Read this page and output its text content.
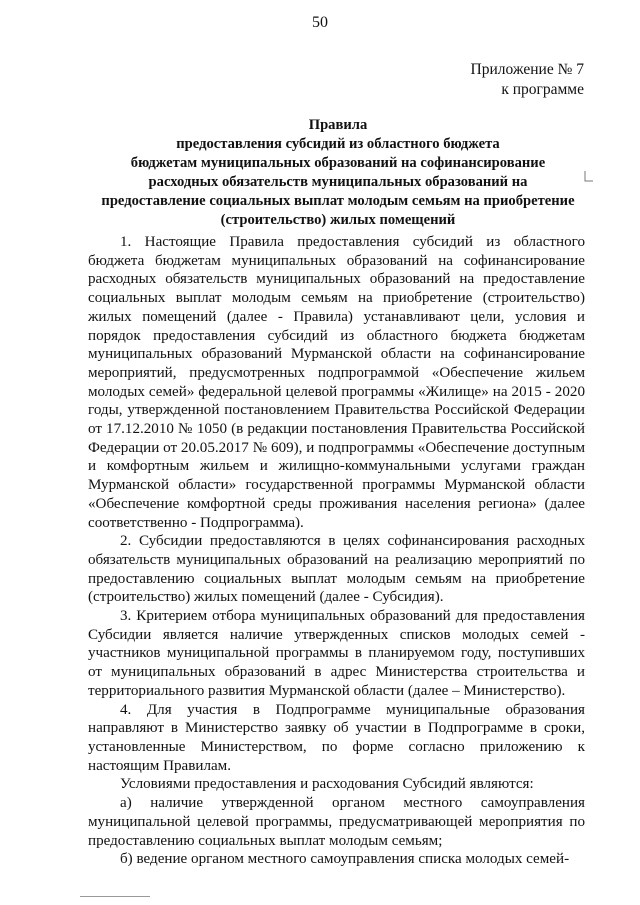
50
Приложение № 7
к программе
Правила
предоставления субсидий из областного бюджета
бюджетам муниципальных образований на софинансирование
расходных обязательств муниципальных образований на
предоставление социальных выплат молодым семьям на приобретение
(строительство) жилых помещений

1. Настоящие Правила предоставления субсидий из областного бюджета бюджетам муниципальных образований на софинансирование расходных обязательств муниципальных образований на предоставление социальных выплат молодым семьям на приобретение (строительство) жилых помещений (далее - Правила) устанавливают цели, условия и порядок предоставления субсидий из областного бюджета бюджетам муниципальных образований Мурманской области на софинансирование мероприятий, предусмотренных подпрограммой «Обеспечение жильем молодых семей» федеральной целевой программы «Жилище» на 2015 - 2020 годы, утвержденной постановлением Правительства Российской Федерации от 17.12.2010 № 1050 (в редакции постановления Правительства Российской Федерации от 20.05.2017 № 609), и подпрограммы «Обеспечение доступным и комфортным жильем и жилищно-коммунальными услугами граждан Мурманской области» государственной программы Мурманской области «Обеспечение комфортной среды проживания населения региона» (далее соответственно - Подпрограмма).

2. Субсидии предоставляются в целях софинансирования расходных обязательств муниципальных образований на реализацию мероприятий по предоставлению социальных выплат молодым семьям на приобретение (строительство) жилых помещений (далее - Субсидия).

3. Критерием отбора муниципальных образований для предоставления Субсидии является наличие утвержденных списков молодых семей - участников муниципальной программы в планируемом году, поступивших от муниципальных образований в адрес Министерства строительства и территориального развития Мурманской области (далее – Министерство).

4. Для участия в Подпрограмме муниципальные образования направляют в Министерство заявку об участии в Подпрограмме в сроки, установленные Министерством, по форме согласно приложению к настоящим Правилам.

Условиями предоставления и расходования Субсидий являются:

а) наличие утвержденной органом местного самоуправления муниципальной целевой программы, предусматривающей мероприятия по предоставлению социальных выплат молодым семьям;

б) ведение органом местного самоуправления списка молодых семей-
